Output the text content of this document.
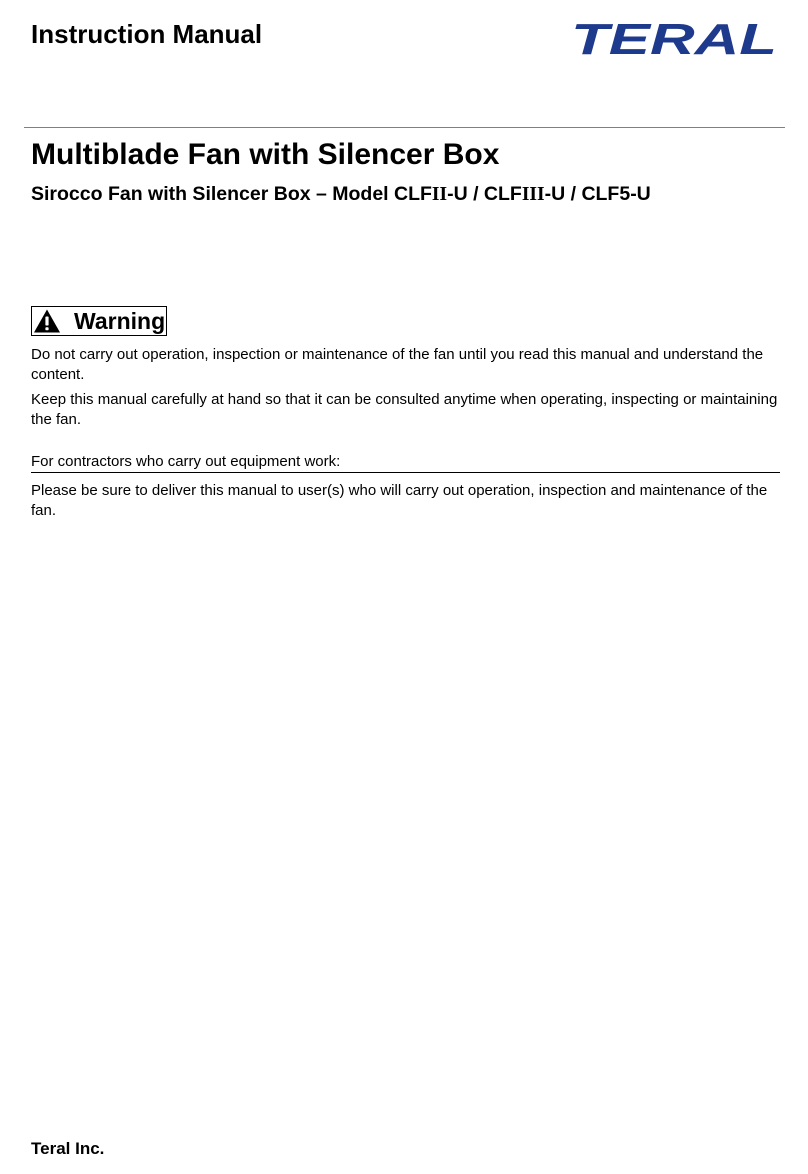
Instruction Manual	TERAL
Multiblade Fan with Silencer Box
Sirocco Fan with Silencer Box – Model CLFII-U / CLFIII-U / CLF5-U
Warning

Do not carry out operation, inspection or maintenance of the fan until you read this manual and understand the content.

Keep this manual carefully at hand so that it can be consulted anytime when operating, inspecting or maintaining the fan.

For contractors who carry out equipment work:

Please be sure to deliver this manual to user(s) who will carry out operation, inspection and maintenance of the fan.

Teral Inc.
